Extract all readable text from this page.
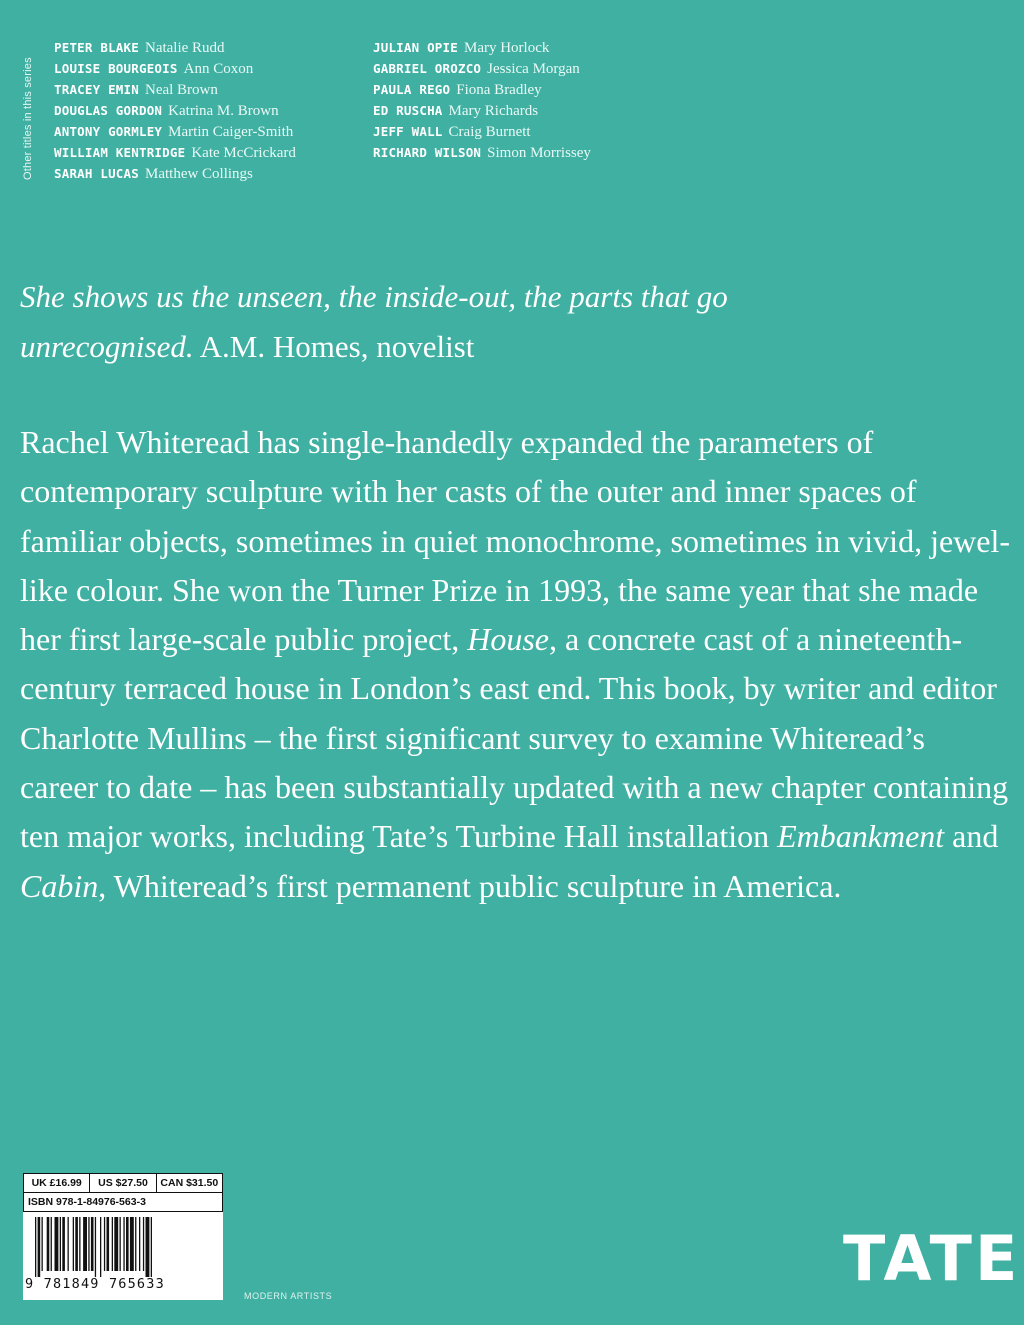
Other titles in this series
PETER BLAKE Natalie Rudd
LOUISE BOURGEOIS Ann Coxon
TRACEY EMIN Neal Brown
DOUGLAS GORDON Katrina M. Brown
ANTONY GORMLEY Martin Caiger-Smith
WILLIAM KENTRIDGE Kate McCrickard
SARAH LUCAS Matthew Collings
JULIAN OPIE Mary Horlock
GABRIEL OROZCO Jessica Morgan
PAULA REGO Fiona Bradley
ED RUSCHA Mary Richards
JEFF WALL Craig Burnett
RICHARD WILSON Simon Morrissey
She shows us the unseen, the inside-out, the parts that go
unrecognised. A.M. Homes, novelist
Rachel Whiteread has single-handedly expanded the parameters of contemporary sculpture with her casts of the outer and inner spaces of familiar objects, sometimes in quiet monochrome, sometimes in vivid, jewel-like colour. She won the Turner Prize in 1993, the same year that she made her first large-scale public project, House, a concrete cast of a nineteenth-century terraced house in London’s east end. This book, by writer and editor Charlotte Mullins – the first significant survey to examine Whiteread’s career to date – has been substantially updated with a new chapter containing ten major works, including Tate’s Turbine Hall installation Embankment and Cabin, Whiteread’s first permanent public sculpture in America.
UK £16.99	US $27.50	CAN $31.50
ISBN 978-1-84976-563-3
9 781849 765633
MODERN ARTISTS
TATE
